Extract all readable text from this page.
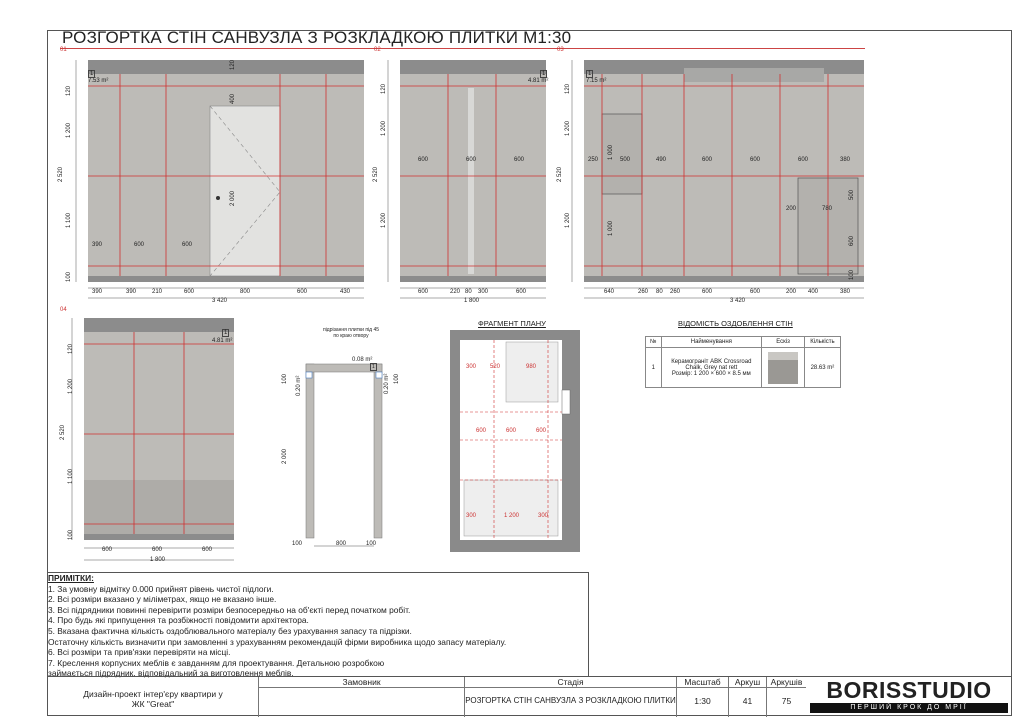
РОЗГОРТКА СТІН САНВУЗЛА З РОЗКЛАДКОЮ ПЛИТКИ М1:30
01	02	03
04
7.53 m²
1
390	600	600
390	390	210	600	800	600	430
3 420
120
1 200
1 100
100
2 520
400
2 000
120
4.81 m²
1
600	600	600
600	220 80 300	600
1 800
120
1 200
1 200
2 520
7.15 m²
1
250	500	490	600	600	600	380
200	780
500
600
100
1 000
1 000
640	260 80 260	600	600	200 400	380
3 420
120
1 200
1 200
2 520
4.81 m²
1
600	600	600
1 800
120
1 200
1 100
100
2 520
підрізання плитки під 45 по краю отвору
0.08 m²
1
100 0.20 m²
2 000
0.20 m² 100
100	800	100
ФРАГМЕНТ ПЛАНУ
300 520	980
600	600	600
300	1 200	300
ВІДОМІСТЬ ОЗДОБЛЕННЯ СТІН
№	Найменування	Ескіз	Кількість
1	Керамограніт ABK Crossroad
Chalk, Grey nat rett
Розмір: 1 200 × 600 × 8.5 мм		28.63 m²
ПРИМІТКИ:
1. За умовну відмітку 0.000 прийнят рівень чистої підлоги.
2. Всі розміри вказано у міліметрах, якщо не вказано інше.
3. Всі підрядники повинні перевірити розміри безпосередньо на об'єкті перед початком робіт.
4. Про будь які припущення та розбіжності повідомити архітектора.
5. Вказана фактична кількість оздоблювального матеріалу без урахування запасу та підрізки.
Остаточну кількість визначити при замовленні з урахуванням рекомендацій фірми виробника щодо запасу матеріалу.
6. Всі розміри та прив'язки перевіряти на місці.
7. Креслення корпусних меблів є завданням для проектування. Детальною розробкою
займається підрядник, відповідальний за виготовлення меблів.
Дизайн-проект інтер'єру квартири у
ЖК "Great"
Замовник	Стадія
РОЗГОРТКА СТІН САНВУЗЛА З РОЗКЛАДКОЮ ПЛИТКИ
Масштаб
1:30
Аркуш
41
Аркушів
75	BORISSTUDIO
ПЕРШИЙ КРОК ДО МРІЇ
